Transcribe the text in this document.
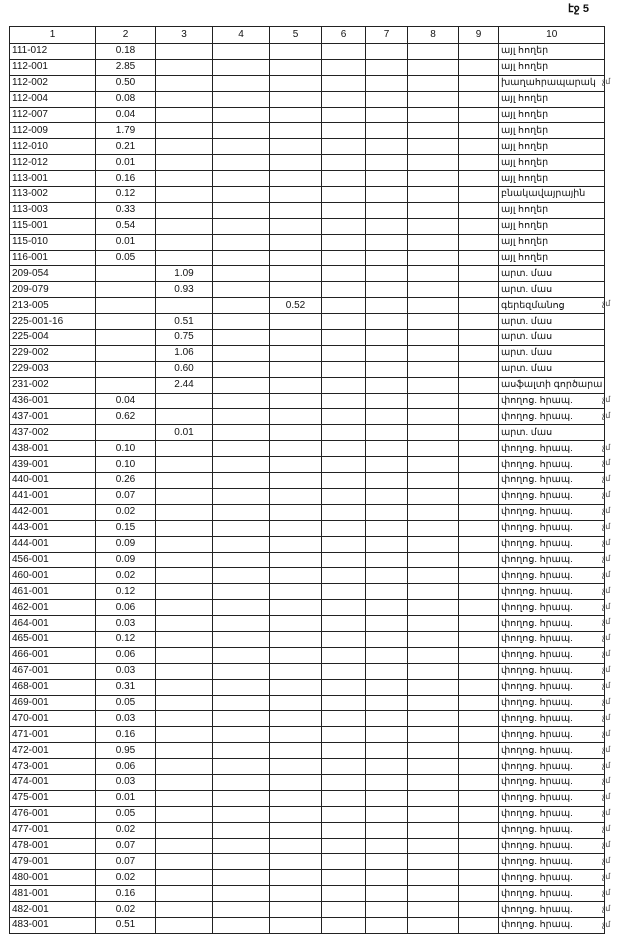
էջ 5
1	2	3	4	5	6	7	8	9	10
111-012	0.18								այլ հողեր
112-001	2.85								այլ հողեր
112-002	0.50								խաղահրապարակ
112-004	0.08								այլ հողեր
112-007	0.04								այլ հողեր
112-009	1.79								այլ հողեր
112-010	0.21								այլ հողեր
112-012	0.01								այլ հողեր
113-001	0.16								այլ հողեր
113-002	0.12								բնակավայրային
113-003	0.33								այլ հողեր
115-001	0.54								այլ հողեր
115-010	0.01								այլ հողեր
116-001	0.05								այլ հողեր
209-054		1.09							արտ. մաս
209-079		0.93							արտ. մաս
213-005				0.52					գերեզմանոց
225-001-16		0.51							արտ. մաս
225-004		0.75							արտ. մաս
229-002		1.06							արտ. մաս
229-003		0.60							արտ. մաս
231-002		2.44							ասֆալտի գործարա
436-001	0.04								փողոց. հրապ.
437-001	0.62								փողոց. հրապ.
437-002		0.01							արտ. մաս
438-001	0.10								փողոց. հրապ.
439-001	0.10								փողոց. հրապ.
440-001	0.26								փողոց. հրապ.
441-001	0.07								փողոց. հրապ.
442-001	0.02								փողոց. հրապ.
443-001	0.15								փողոց. հրապ.
444-001	0.09								փողոց. հրապ.
456-001	0.09								փողոց. հրապ.
460-001	0.02								փողոց. հրապ.
461-001	0.12								փողոց. հրապ.
462-001	0.06								փողոց. հրապ.
464-001	0.03								փողոց. հրապ.
465-001	0.12								փողոց. հրապ.
466-001	0.06								փողոց. հրապ.
467-001	0.03								փողոց. հրապ.
468-001	0.31								փողոց. հրապ.
469-001	0.05								փողոց. հրապ.
470-001	0.03								փողոց. հրապ.
471-001	0.16								փողոց. հրապ.
472-001	0.95								փողոց. հրապ.
473-001	0.06								փողոց. հրապ.
474-001	0.03								փողոց. հրապ.
475-001	0.01								փողոց. հրապ.
476-001	0.05								փողոց. հրապ.
477-001	0.02								փողոց. հրապ.
478-001	0.07								փողոց. հրապ.
479-001	0.07								փողոց. հրապ.
480-001	0.02								փողոց. հրապ.
481-001	0.16								փողոց. հրապ.
482-001	0.02								փողոց. հրապ.
483-001	0.51								փողոց. հրապ.
չմ
չմ
չմ
չմ
չմ
չմ
չմ
չմ
չմ
չմ
չմ
չմ
չմ
չմ
չմ
չմ
չմ
չմ
չմ
չմ
չմ
չմ
չմ
չմ
չմ
չմ
չմ
չմ
չմ
չմ
չմ
չմ
չմ
չմ
չմ
